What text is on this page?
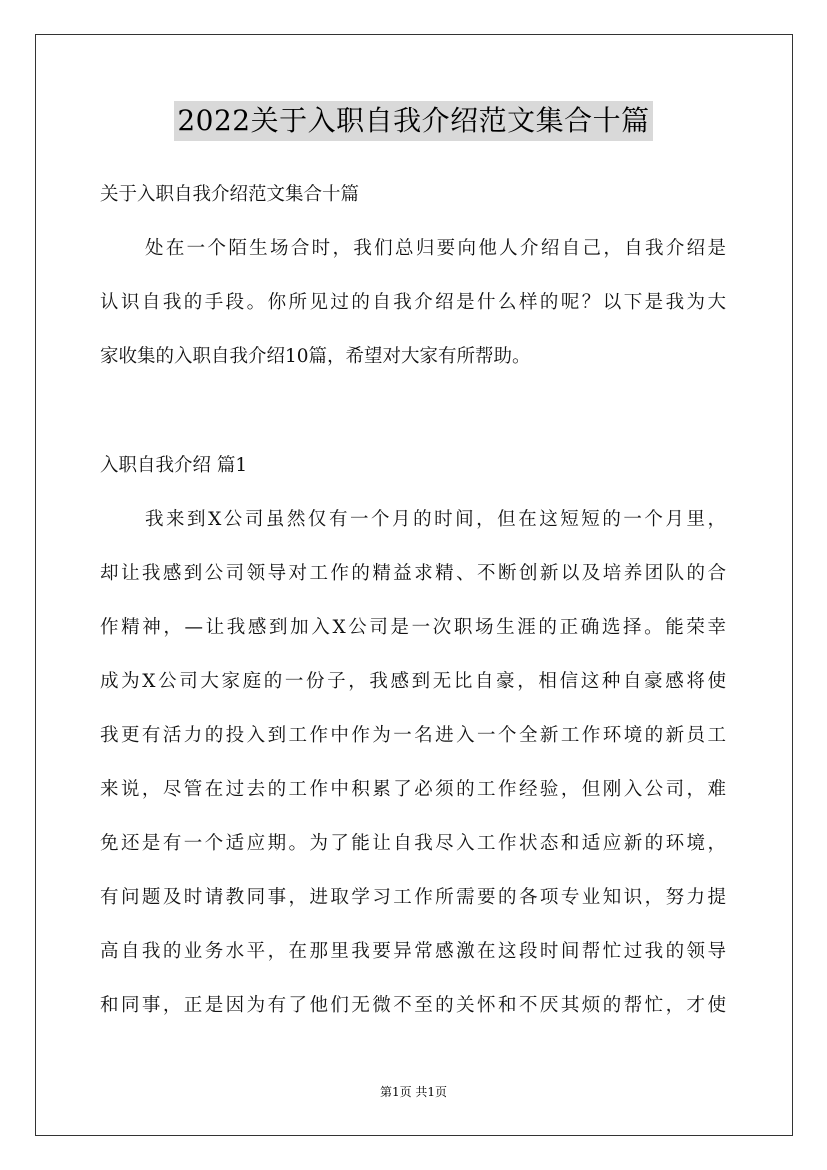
2022关于入职自我介绍范文集合十篇
关于入职自我介绍范文集合十篇
处在一个陌生场合时，我们总归要向他人介绍自己，自我介绍是
认识自我的手段。你所见过的自我介绍是什么样的呢？以下是我为大
家收集的入职自我介绍10篇，希望对大家有所帮助。
入职自我介绍 篇1
我来到X公司虽然仅有一个月的时间，但在这短短的一个月里，
却让我感到公司领导对工作的精益求精、不断创新以及培养团队的合
作精神，—让我感到加入X公司是一次职场生涯的正确选择。能荣幸
成为X公司大家庭的一份子，我感到无比自豪，相信这种自豪感将使
我更有活力的投入到工作中作为一名进入一个全新工作环境的新员工
来说，尽管在过去的工作中积累了必须的工作经验，但刚入公司，难
免还是有一个适应期。为了能让自我尽入工作状态和适应新的环境，
有问题及时请教同事，进取学习工作所需要的各项专业知识，努力提
高自我的业务水平，在那里我要异常感激在这段时间帮忙过我的领导
和同事，正是因为有了他们无微不至的关怀和不厌其烦的帮忙，才使
第1页 共1页
